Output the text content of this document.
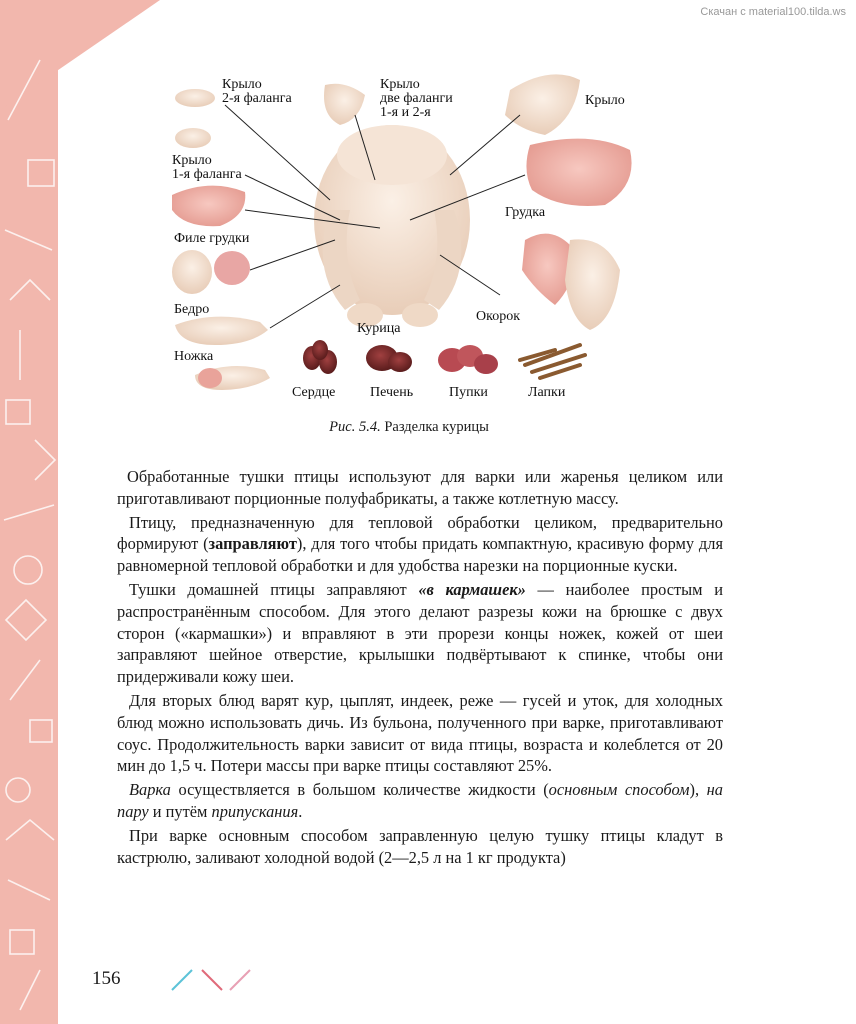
Скачан с material100.tilda.ws
Крыло
2-я фаланга
Крыло
две фаланги
1-я и 2-я
Крыло
Крыло
1-я фаланга
Грудка
Филе грудки
Бедро	Окорок
Курица
Ножка
Сердце Печень	Пупки	Лапки
Рис. 5.4. Разделка курицы

Обработанные тушки птицы используют для варки или жаренья целиком или приготавливают порционные полуфабрикаты, а также котлетную массу.

Птицу, предназначенную для тепловой обработки целиком, предварительно формируют (заправляют), для того чтобы придать компактную, красивую форму для равномерной тепловой обработки и для удобства нарезки на порционные куски.

Тушки домашней птицы заправляют «в кармашек» — наиболее простым и распространённым способом. Для этого делают разрезы кожи на брюшке с двух сторон («кармашки») и вправляют в эти прорези концы ножек, кожей от шеи заправляют шейное отверстие, крылышки подвёртывают к спинке, чтобы они придерживали кожу шеи.

Для вторых блюд варят кур, цыплят, индеек, реже — гусей и уток, для холодных блюд можно использовать дичь. Из бульона, полученного при варке, приготавливают соус. Продолжительность варки зависит от вида птицы, возраста и колеблется от 20 мин до 1,5 ч. Потери массы при варке птицы составляют 25%.

Варка осуществляется в большом количестве жидкости (основным способом), на пару и путём припускания.

При варке основным способом заправленную целую тушку птицы кладут в кастрюлю, заливают холодной водой (2—2,5 л на 1 кг продукта)

156
